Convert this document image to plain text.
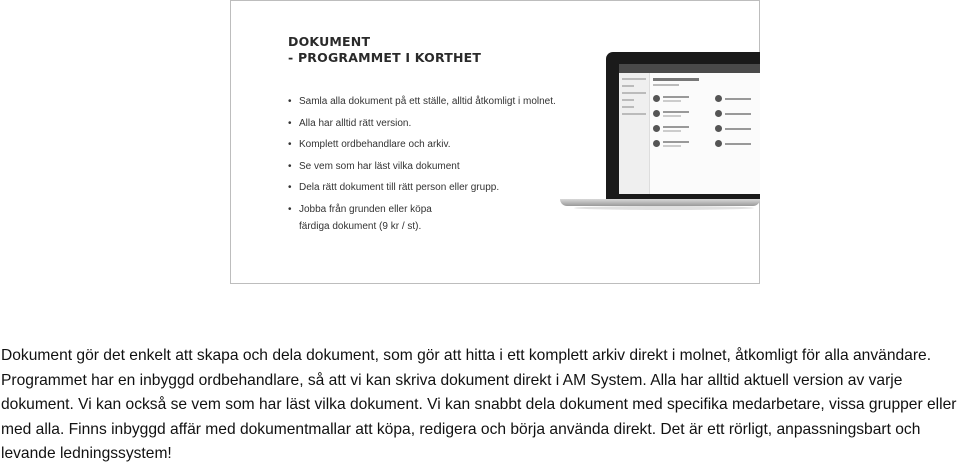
DOKUMENT
- PROGRAMMET I KORTHET
• Samla alla dokument på ett ställe, alltid åtkomligt i molnet.
• Alla har alltid rätt version.
• Komplett ordbehandlare och arkiv.
• Se vem som har läst vilka dokument
• Dela rätt dokument till rätt person eller grupp.
• Jobba från grunden eller köpa
färdiga dokument (9 kr / st).

Dokument gör det enkelt att skapa och dela dokument, som gör att hitta i ett komplett arkiv direkt i molnet, åtkomligt för alla användare. Programmet har en inbyggd ordbehandlare, så att vi kan skriva dokument direkt i AM System. Alla har alltid aktuell version av varje dokument. Vi kan också se vem som har läst vilka dokument. Vi kan snabbt dela dokument med specifika medarbetare, vissa grupper eller med alla. Finns inbyggd affär med dokumentmallar att köpa, redigera och börja använda direkt. Det är ett rörligt, anpassningsbart och levande ledningssystem!
